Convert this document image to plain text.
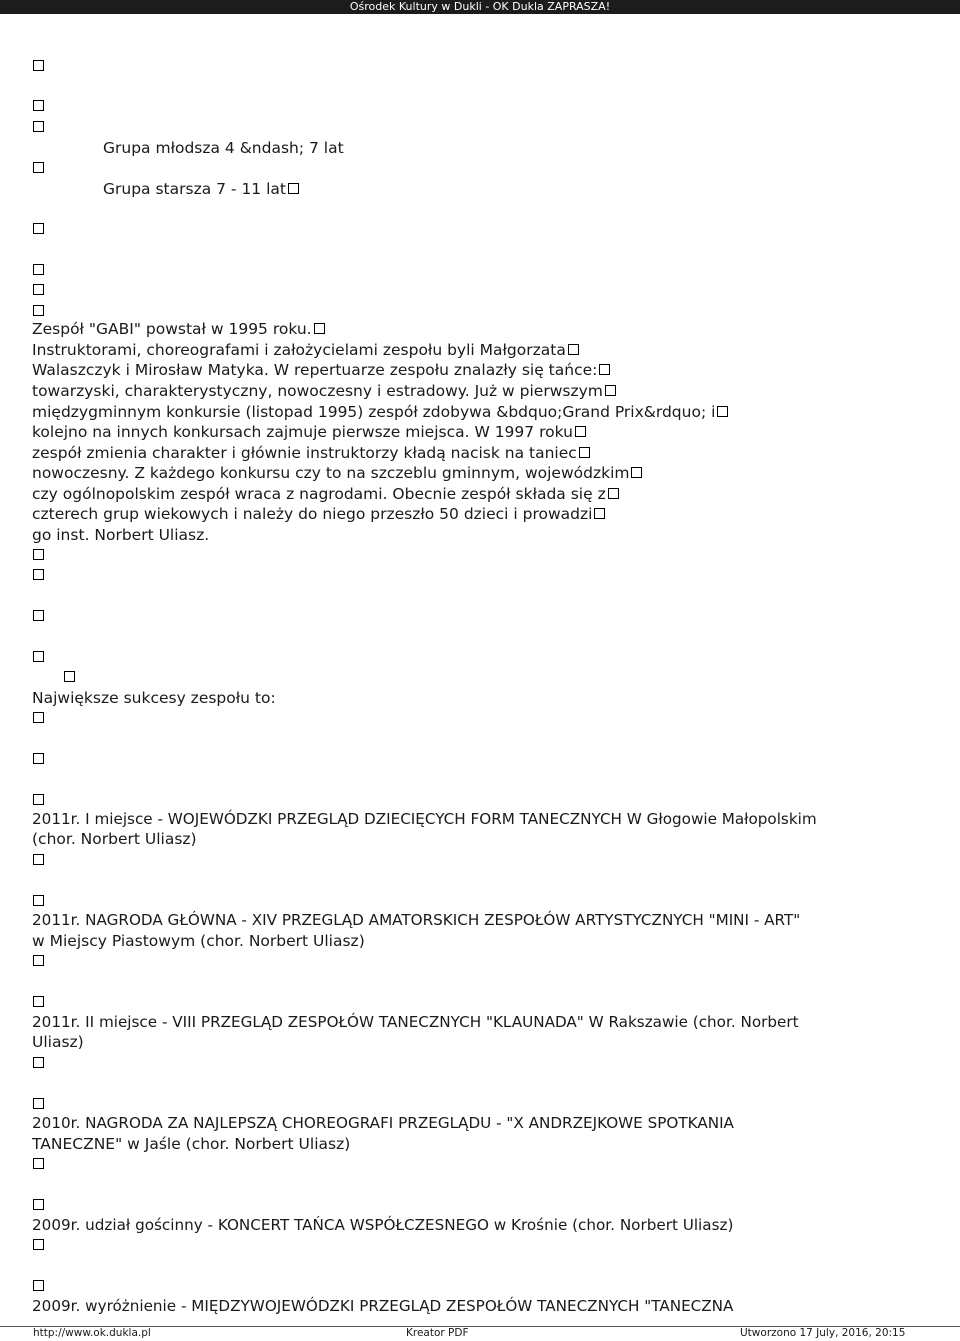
Ośrodek Kultury w Dukli - OK Dukla ZAPRASZA!
Grupa młodsza 4 &ndash; 7 lat
Grupa starsza 7 - 11 lat
Zespół "GABI" powstał w 1995 roku.
Instruktorami, choreografami i założycielami zespołu byli Małgorzata
Walaszczyk i Mirosław Matyka. W repertuarze zespołu znalazły się tańce:
towarzyski, charakterystyczny, nowoczesny i estradowy. Już w pierwszym
międzygminnym konkursie (listopad 1995) zespół zdobywa &bdquo;Grand Prix&rdquo; i
kolejno na innych konkursach zajmuje pierwsze miejsca. W 1997 roku
zespół zmienia charakter i głównie instruktorzy kładą nacisk na taniec
nowoczesny. Z każdego konkursu czy to na szczeblu gminnym, wojewódzkim
czy ogólnopolskim zespół wraca z nagrodami. Obecnie zespół składa się z
czterech grup wiekowych i należy do niego przeszło 50 dzieci i prowadzi
go inst. Norbert Uliasz.
Największe sukcesy zespołu to:
2011r. I miejsce - WOJEWÓDZKI PRZEGLĄD DZIECIĘCYCH FORM TANECZNYCH W Głogowie Małopolskim
(chor. Norbert Uliasz)
2011r. NAGRODA GŁÓWNA - XIV PRZEGLĄD AMATORSKICH ZESPOŁÓW ARTYSTYCZNYCH "MINI - ART"
w Miejscy Piastowym (chor. Norbert Uliasz)
2011r. II miejsce - VIII PRZEGLĄD ZESPOŁÓW TANECZNYCH "KLAUNADA" W Rakszawie (chor. Norbert
Uliasz)
2010r. NAGRODA ZA NAJLEPSZĄ CHOREOGRAFI PRZEGLĄDU - "X ANDRZEJKOWE SPOTKANIA
TANECZNE" w Jaśle (chor. Norbert Uliasz)
2009r. udział gościnny - KONCERT TAŃCA WSPÓŁCZESNEGO w Krośnie (chor. Norbert Uliasz)
2009r. wyróżnienie - MIĘDZYWOJEWÓDZKI PRZEGLĄD ZESPOŁÓW TANECZNYCH "TANECZNA
http://www.ok.dukla.pl	Kreator PDF	Utworzono 17 July, 2016, 20:15
